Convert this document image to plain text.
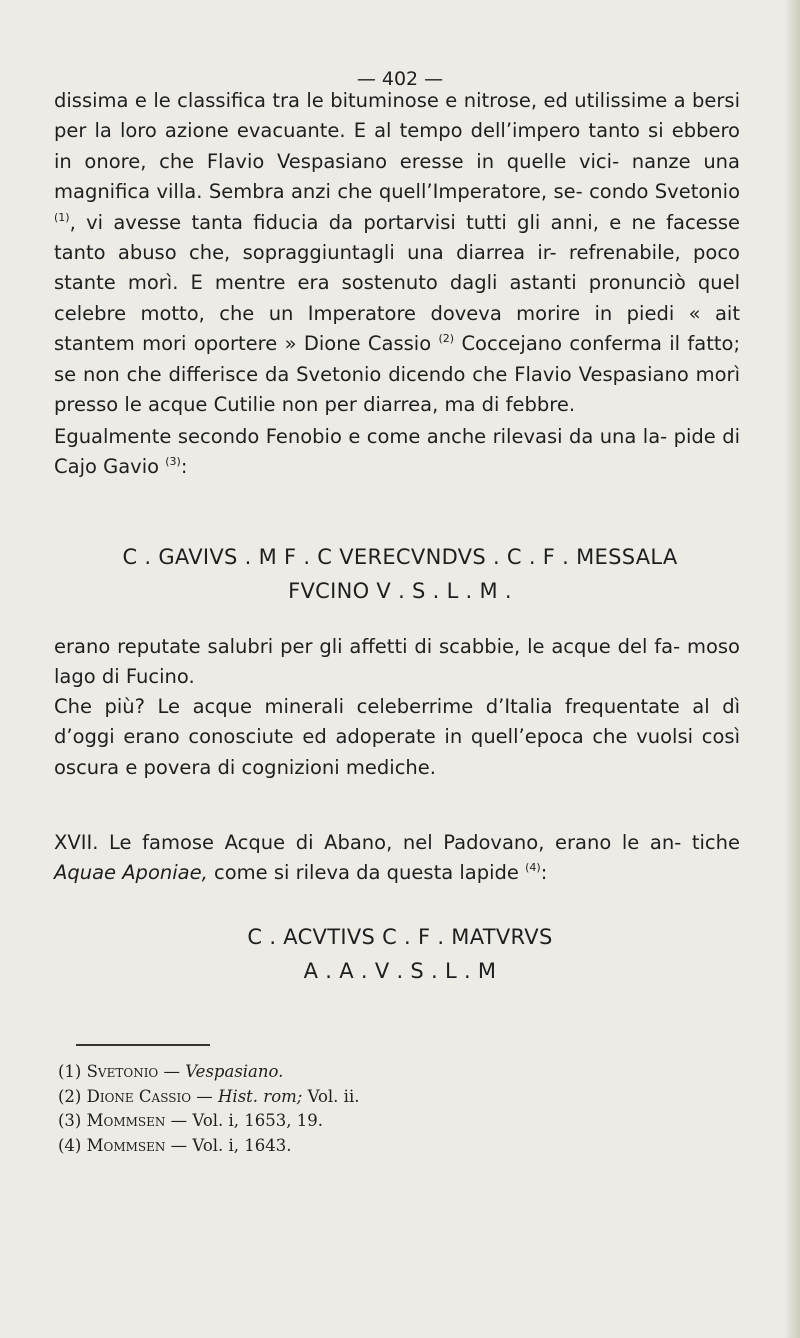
— 402 —

dissima e le classifica tra le bituminose e nitrose, ed utilissime a bersi per la loro azione evacuante. E al tempo dell’impero tanto si ebbero in onore, che Flavio Vespasiano eresse in quelle vici- nanze una magnifica villa. Sembra anzi che quell’Imperatore, se- condo Svetonio $^{(1)}$, vi avesse tanta fiducia da portarvisi tutti gli anni, e ne facesse tanto abuso che, sopraggiuntagli una diarrea ir- refrenabile, poco stante morì. E mentre era sostenuto dagli astanti pronunciò quel celebre motto, che un Imperatore doveva morire in piedi « ait stantem mori oportere » Dione Cassio $^{(2)}$ Coccejano conferma il fatto; se non che differisce da Svetonio dicendo che Flavio Vespasiano morì presso le acque Cutilie non per diarrea, ma di febbre.

Egualmente secondo Fenobio e come anche rilevasi da una la- pide di Cajo Gavio $^{(3)}$:

C . GAVIVS . M F . C VERECVNDVS . C . F . MESSALA
FVCINO V . S . L . M .

erano reputate salubri per gli affetti di scabbie, le acque del fa- moso lago di Fucino.

Che più? Le acque minerali celeberrime d’Italia frequentate al dì d’oggi erano conosciute ed adoperate in quell’epoca che vuolsi così oscura e povera di cognizioni mediche.

XVII. Le famose Acque di Abano, nel Padovano, erano le an- tiche Aquae Aponiae, come si rileva da questa lapide $^{(4)}$:

C . ACVTIVS C . F . MATVRVS
A . A . V . S . L . M
(1) Svetonio — Vespasiano.
(2) Dione Cassio — Hist. rom; Vol. ii.
(3) Mommsen — Vol. i, 1653, 19.
(4) Mommsen — Vol. i, 1643.
